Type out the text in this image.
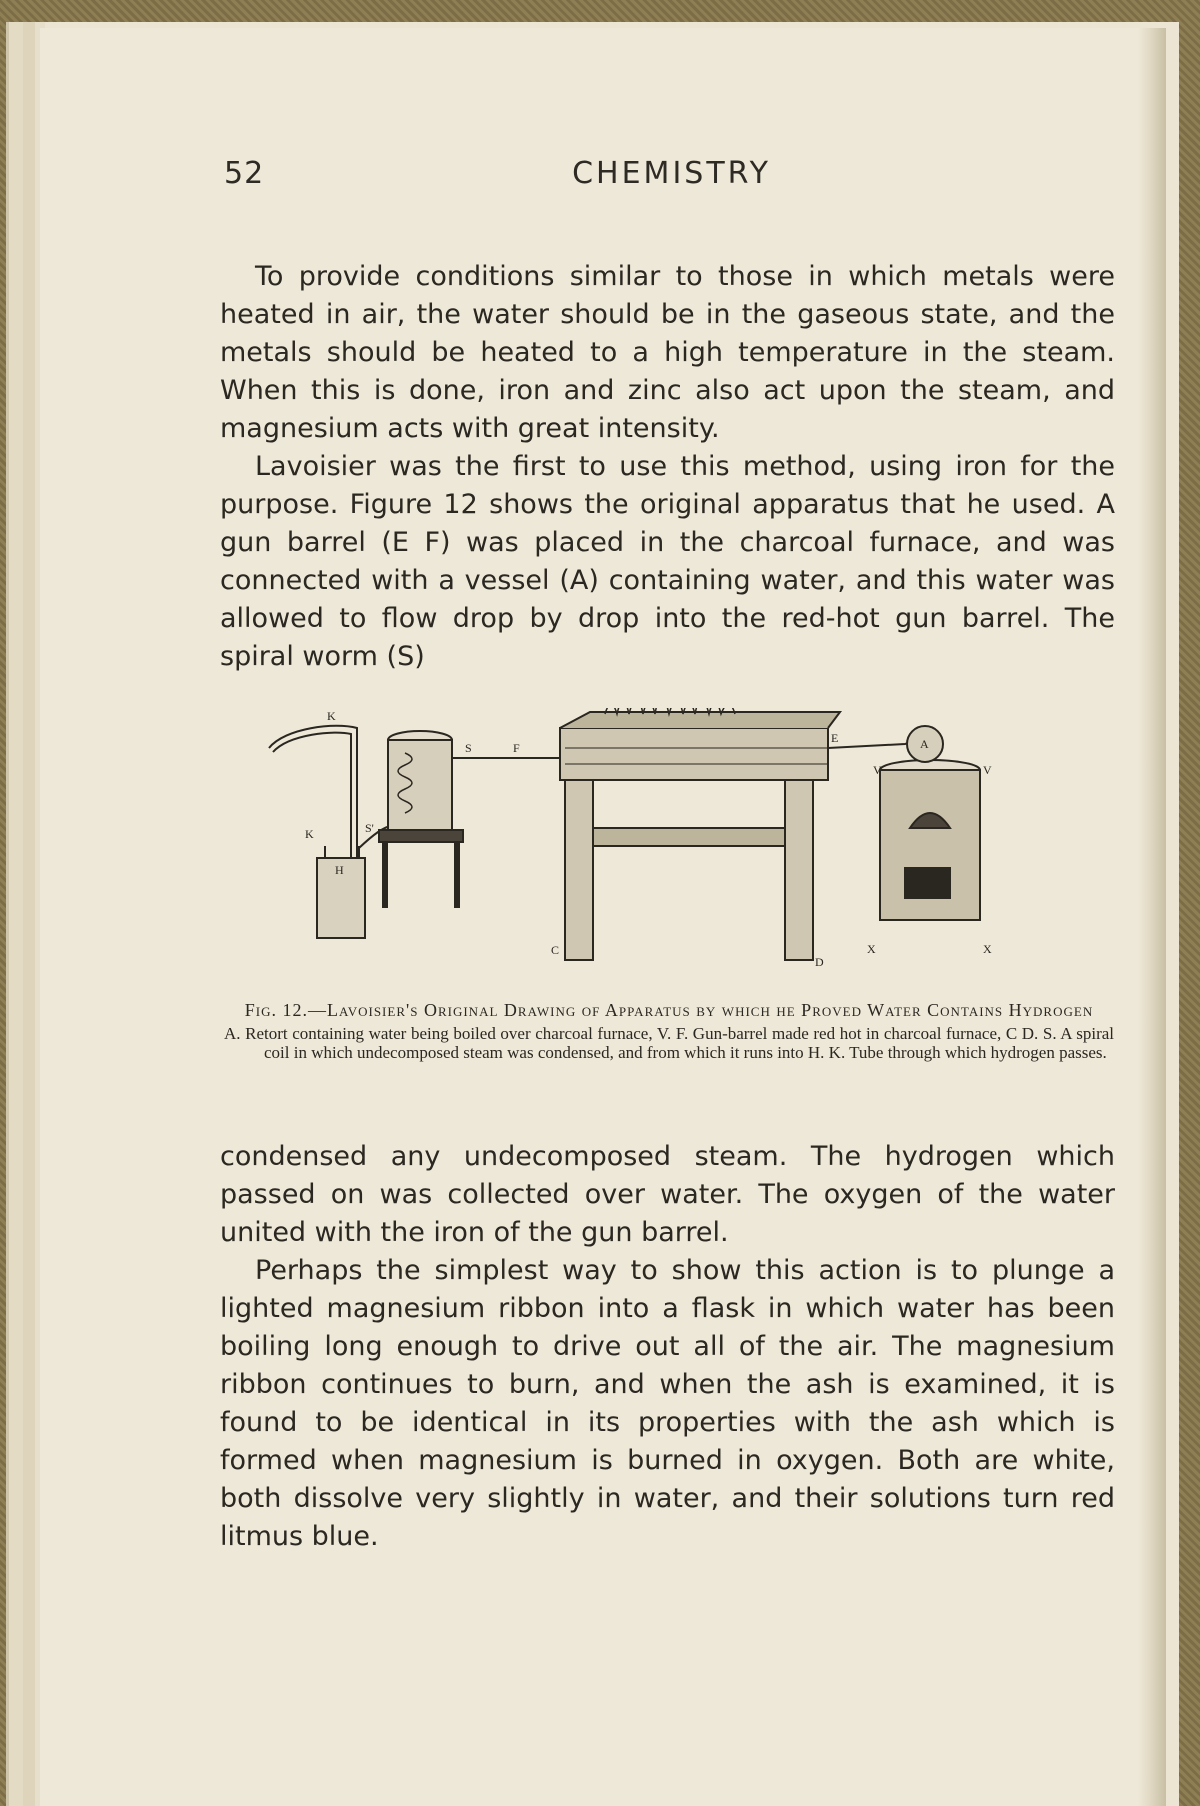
52	CHEMISTRY

To provide conditions similar to those in which metals were heated in air, the water should be in the gaseous state, and the metals should be heated to a high temperature in the steam. When this is done, iron and zinc also act upon the steam, and magnesium acts with great intensity.

Lavoisier was the first to use this method, using iron for the purpose. Figure 12 shows the original apparatus that he used. A gun barrel (E F) was placed in the charcoal furnace, and was connected with a vessel (A) containing water, and this water was allowed to flow drop by drop into the red-hot gun barrel. The spiral worm (S)

K
S	F
E
V
A
V
K	S'
H
C
D
X	X
Fig. 12.—Lavoisier's Original Drawing of Apparatus by which he Proved Water Contains Hydrogen
A. Retort containing water being boiled over charcoal furnace, V. F. Gun-barrel made red hot in charcoal furnace, C D. S. A spiral coil in which undecomposed steam was condensed, and from which it runs into H. K. Tube through which hydrogen passes.

condensed any undecomposed steam. The hydrogen which passed on was collected over water. The oxygen of the water united with the iron of the gun barrel.

Perhaps the simplest way to show this action is to plunge a lighted magnesium ribbon into a flask in which water has been boiling long enough to drive out all of the air. The magnesium ribbon continues to burn, and when the ash is examined, it is found to be identical in its properties with the ash which is formed when magnesium is burned in oxygen. Both are white, both dissolve very slightly in water, and their solutions turn red litmus blue.
